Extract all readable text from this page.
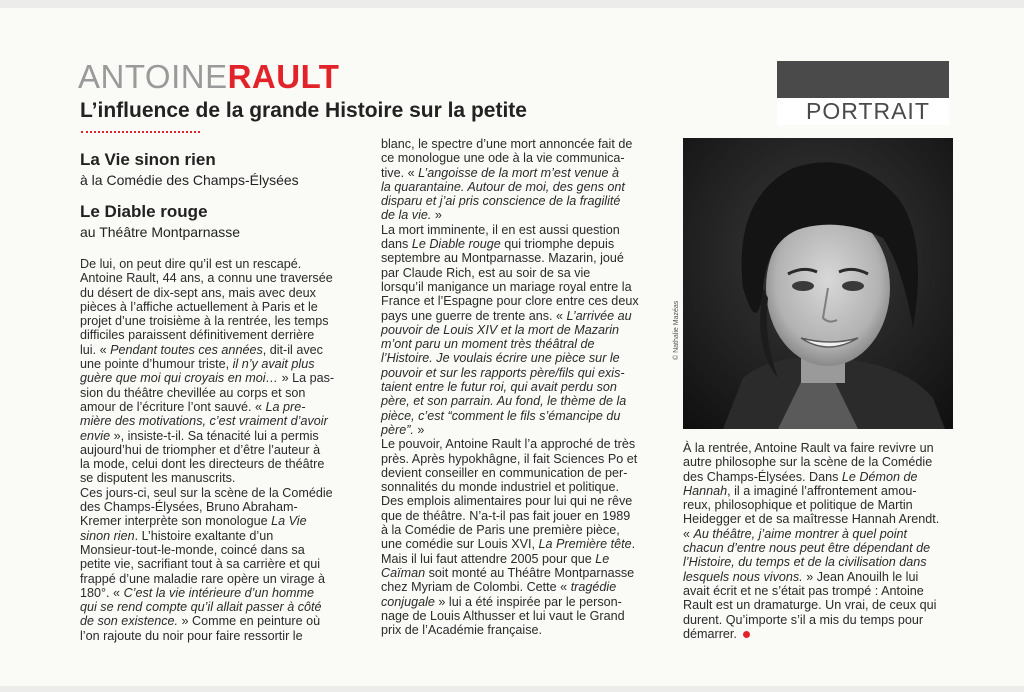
ANTOINERAULT
L’influence de la grande Histoire sur la petite
La Vie sinon rien
à la Comédie des Champs-Élysées
Le Diable rouge
au Théâtre Montparnasse
De lui, on peut dire qu’il est un rescapé.
Antoine Rault, 44 ans, a connu une traversée
du désert de dix-sept ans, mais avec deux
pièces à l’affiche actuellement à Paris et le
projet d’une troisième à la rentrée, les temps
difficiles paraissent définitivement derrière
lui. « Pendant toutes ces années, dit-il avec
une pointe d’humour triste, il n’y avait plus
guère que moi qui croyais en moi… » La pas-
sion du théâtre chevillée au corps et son
amour de l’écriture l’ont sauvé. « La pre-
mière des motivations, c’est vraiment d’avoir
envie », insiste-t-il. Sa ténacité lui a permis
aujourd’hui de triompher et d’être l’auteur à
la mode, celui dont les directeurs de théâtre
se disputent les manuscrits.
Ces jours-ci, seul sur la scène de la Comédie
des Champs-Élysées, Bruno Abraham-
Kremer interprète son monologue La Vie
sinon rien. L’histoire exaltante d’un
Monsieur-tout-le-monde, coincé dans sa
petite vie, sacrifiant tout à sa carrière et qui
frappé d’une maladie rare opère un virage à
180°. « C’est la vie intérieure d’un homme
qui se rend compte qu’il allait passer à côté
de son existence. » Comme en peinture où
l’on rajoute du noir pour faire ressortir le
blanc, le spectre d’une mort annoncée fait de
ce monologue une ode à la vie communica-
tive. « L’angoisse de la mort m’est venue à
la quarantaine. Autour de moi, des gens ont
disparu et j’ai pris conscience de la fragilité
de la vie. »
La mort imminente, il en est aussi question
dans Le Diable rouge qui triomphe depuis
septembre au Montparnasse. Mazarin, joué
par Claude Rich, est au soir de sa vie
lorsqu’il manigance un mariage royal entre la
France et l’Espagne pour clore entre ces deux
pays une guerre de trente ans. « L’arrivée au
pouvoir de Louis XIV et la mort de Mazarin
m’ont paru un moment très théâtral de
l’Histoire. Je voulais écrire une pièce sur le
pouvoir et sur les rapports père/fils qui exis-
taient entre le futur roi, qui avait perdu son
père, et son parrain. Au fond, le thème de la
pièce, c’est “comment le fils s’émancipe du
père”. »
Le pouvoir, Antoine Rault l’a approché de très
près. Après hypokhâgne, il fait Sciences Po et
devient conseiller en communication de per-
sonnalités du monde industriel et politique.
Des emplois alimentaires pour lui qui ne rêve
que de théâtre. N’a-t-il pas fait jouer en 1989
à la Comédie de Paris une première pièce,
une comédie sur Louis XVI, La Première tête.
Mais il lui faut attendre 2005 pour que Le
Caïman soit monté au Théâtre Montparnasse
chez Myriam de Colombi. Cette « tragédie
conjugale » lui a été inspirée par le person-
nage de Louis Althusser et lui vaut le Grand
prix de l’Académie française.
PORTRAIT
© Nathalie Mazéas
À la rentrée, Antoine Rault va faire revivre un
autre philosophe sur la scène de la Comédie
des Champs-Élysées. Dans Le Démon de
Hannah, il a imaginé l’affrontement amou-
reux, philosophique et politique de Martin
Heidegger et de sa maîtresse Hannah Arendt.
« Au théâtre, j’aime montrer à quel point
chacun d’entre nous peut être dépendant de
l’Histoire, du temps et de la civilisation dans
lesquels nous vivons. » Jean Anouilh le lui
avait écrit et ne s’était pas trompé : Antoine
Rault est un dramaturge. Un vrai, de ceux qui
durent. Qu’importe s’il a mis du temps pour
démarrer.
